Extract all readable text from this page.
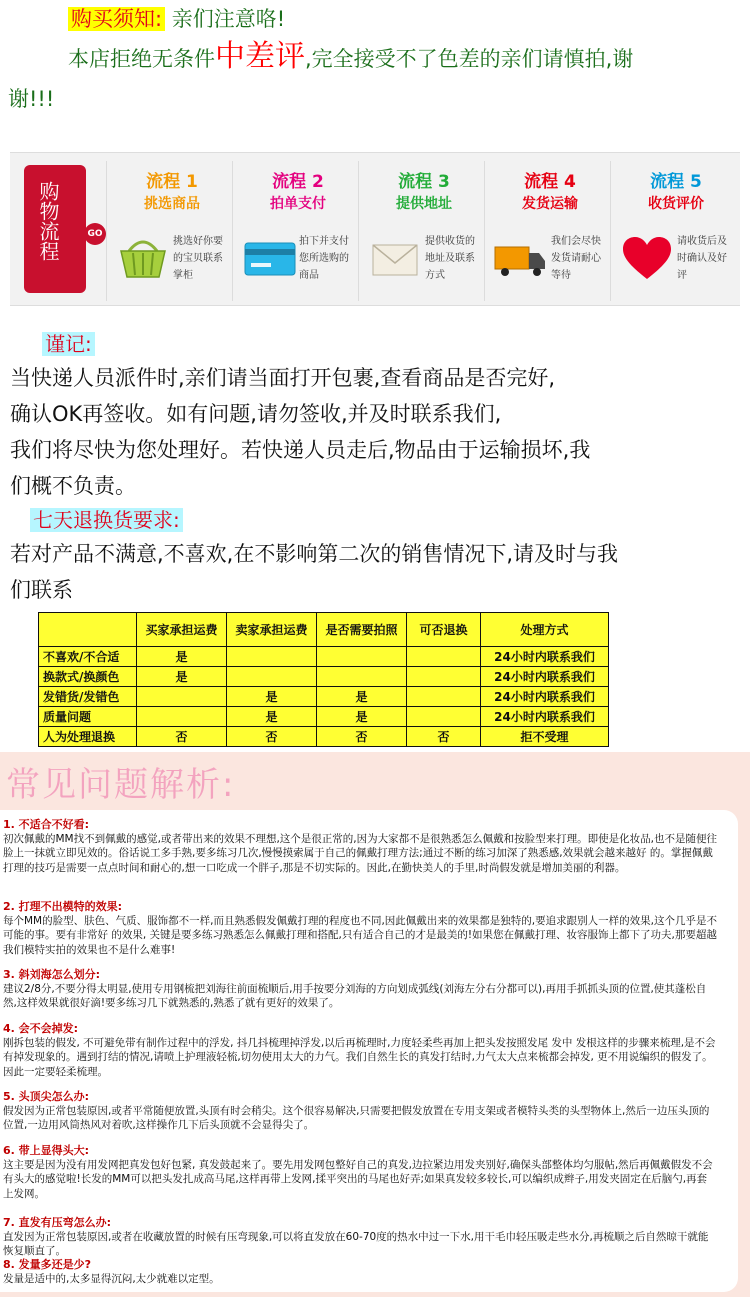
购买须知: 亲们注意咯!
本店拒绝无条件中差评,完全接受不了色差的亲们请慎拍,谢
谢!!!
购物流程	GO
流程 1
挑选商品
挑选好你要的宝贝联系掌柜
流程 2
拍单支付
拍下并支付您所选购的商品
流程 3
提供地址
提供收货的地址及联系方式
流程 4
发货运输
我们会尽快发货请耐心等待
流程 5
收货评价
请收货后及时确认及好评
谨记:
当快递人员派件时,亲们请当面打开包裹,查看商品是否完好,
确认OK再签收。如有问题,请勿签收,并及时联系我们,
我们将尽快为您处理好。若快递人员走后,物品由于运输损坏,我
们概不负责。
七天退换货要求:
若对产品不满意,不喜欢,在不影响第二次的销售情况下,请及时与我
们联系
	买家承担运费	卖家承担运费	是否需要拍照	可否退换	处理方式
不喜欢/不合适	是				24小时内联系我们
换款式/换颜色	是				24小时内联系我们
发错货/发错色		是	是		24小时内联系我们
质量问题		是	是		24小时内联系我们
人为处理退换	否	否	否	否	拒不受理
常见问题解析:
1. 不适合不好看:
初次佩戴的MM找不到佩戴的感觉,或者带出来的效果不理想,这个是很正常的,因为大家都不是很熟悉怎么佩戴和按脸型来打理。即使是化妆品,也不是随便往脸上一抹就立即见效的。俗话说工多手熟,要多练习几次,慢慢摸索属于自己的佩戴打理方法;通过不断的练习加深了熟悉感,效果就会越来越好 的。掌握佩戴打理的技巧是需要一点点时间和耐心的,想一口吃成一个胖子,那是不切实际的。因此,在勤快美人的手里,时尚假发就是增加美丽的利器。
2. 打理不出模特的效果:
每个MM的脸型、肤色、气质、服饰都不一样,而且熟悉假发佩戴打理的程度也不同,因此佩戴出来的效果都是独特的,要追求跟别人一样的效果,这个几乎是不可能的事。要有非常好 的效果, 关键是要多练习熟悉怎么佩戴打理和搭配,只有适合自己的才是最美的!如果您在佩戴打理、妆容服饰上都下了功夫,那要超越我们模特实拍的效果也不是什么难事!
3. 斜刘海怎么划分:
建议2/8分,不要分得太明显,使用专用钢梳把刘海往前面梳顺后,用手按要分刘海的方向划成弧线(刘海左分右分都可以),再用手抓抓头顶的位置,使其蓬松自然,这样效果就很好滴!要多练习几下就熟悉的,熟悉了就有更好的效果了。
4. 会不会掉发:
刚拆包装的假发, 不可避免带有制作过程中的浮发, 抖几抖梳理掉浮发,以后再梳理时,力度轻柔些再加上把头发按照发尾 发中 发根这样的步骤来梳理,是不会有掉发现象的。遇到打结的情况,请喷上护理液轻梳,切勿使用太大的力气。我们自然生长的真发打结时,力气太大点来梳都会掉发, 更不用说编织的假发了。因此一定要轻柔梳理。
5. 头顶尖怎么办:
假发因为正常包装原因,或者平常随便放置,头顶有时会稍尖。这个很容易解决,只需要把假发放置在专用支架或者模特头类的头型物体上,然后一边压头顶的位置,一边用风筒热风对着吹,这样操作几下后头顶就不会显得尖了。
6. 带上显得头大:
这主要是因为没有用发网把真发包好包紧, 真发鼓起来了。要先用发网包整好自己的真发,边拉紧边用发夹别好,确保头部整体均匀服帖,然后再佩戴假发不会有头大的感觉啦!长发的MM可以把头发扎成高马尾,这样再带上发网,揉平突出的马尾也好弄;如果真发较多较长,可以编织成辫子,用发夹固定在后脑勺,再套上发网。
7. 直发有压弯怎么办:
直发因为正常包装原因,或者在收藏放置的时候有压弯现象,可以将直发放在60-70度的热水中过一下水,用干毛巾轻压吸走些水分,再梳顺之后自然晾干就能恢复顺直了。
8. 发量多还是少?
发量是适中的,太多显得沉闷,太少就难以定型。
